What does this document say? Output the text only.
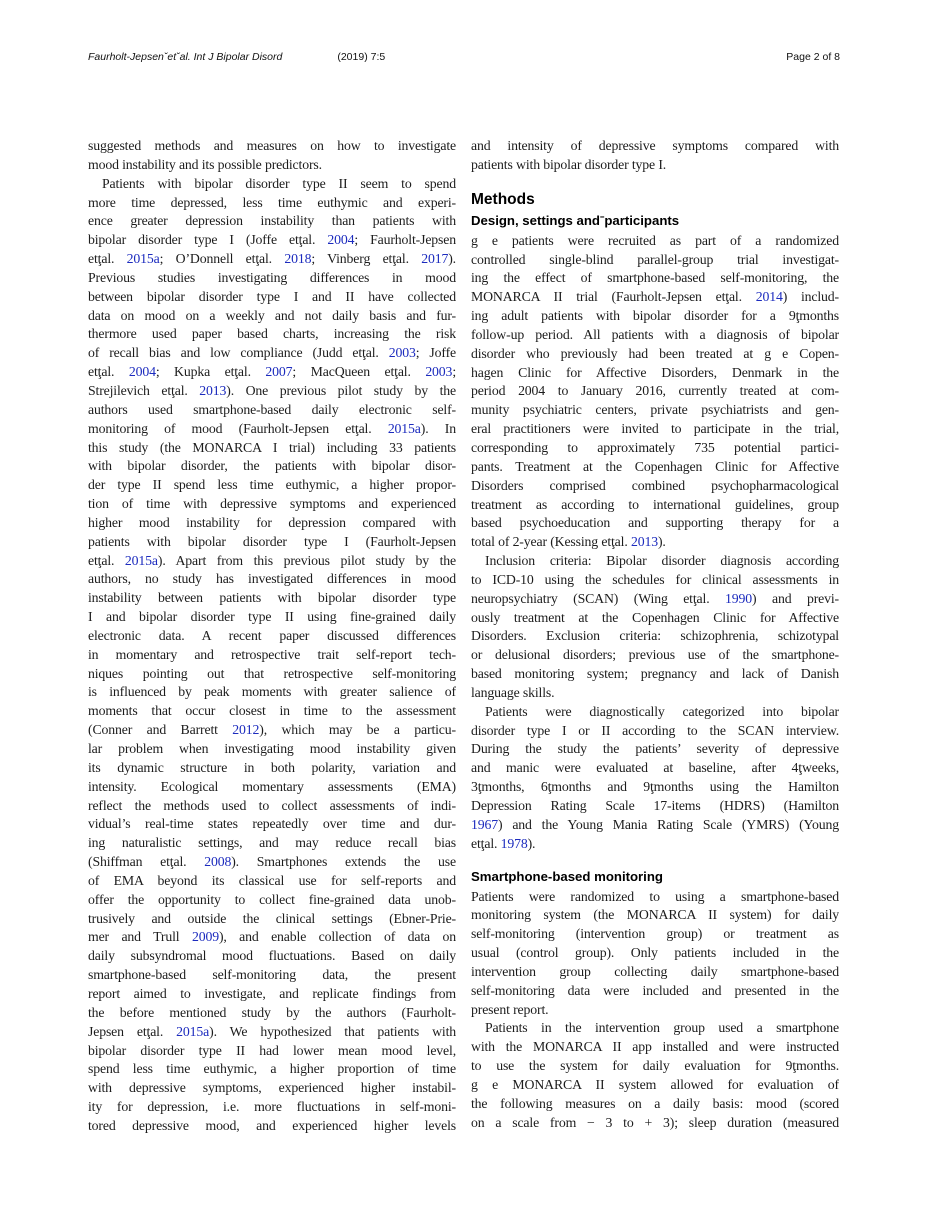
Faurholt-Jepsenˇetˇal. Int J Bipolar Disord	(2019) 7:5	Page 2 of 8
suggested methods and measures on how to investigate
mood instability and its possible predictors.
Patients with bipolar disorder type II seem to spend
more time depressed, less time euthymic and experi-
ence greater depression instability than patients with
bipolar disorder type I (Joffe etţal. 2004; Faurholt-Jepsen
etţal. 2015a; O’Donnell etţal. 2018; Vinberg etţal. 2017).
Previous studies investigating differences in mood
between bipolar disorder type I and II have collected
data on mood on a weekly and not daily basis and fur-
thermore used paper based charts, increasing the risk
of recall bias and low compliance (Judd etţal. 2003; Joffe
etţal. 2004; Kupka etţal. 2007; MacQueen etţal. 2003;
Strejilevich etţal. 2013). One previous pilot study by the
authors used smartphone-based daily electronic self-
monitoring of mood (Faurholt-Jepsen etţal. 2015a). In
this study (the MONARCA I trial) including 33 patients
with bipolar disorder, the patients with bipolar disor-
der type II spend less time euthymic, a higher propor-
tion of time with depressive symptoms and experienced
higher mood instability for depression compared with
patients with bipolar disorder type I (Faurholt-Jepsen
etţal. 2015a). Apart from this previous pilot study by the
authors, no study has investigated differences in mood
instability between patients with bipolar disorder type
I and bipolar disorder type II using fine-grained daily
electronic data. A recent paper discussed differences
in momentary and retrospective trait self-report tech-
niques pointing out that retrospective self-monitoring
is influenced by peak moments with greater salience of
moments that occur closest in time to the assessment
(Conner and Barrett 2012), which may be a particu-
lar problem when investigating mood instability given
its dynamic structure in both polarity, variation and
intensity. Ecological momentary assessments (EMA)
reflect the methods used to collect assessments of indi-
vidual’s real-time states repeatedly over time and dur-
ing naturalistic settings, and may reduce recall bias
(Shiffman etţal. 2008). Smartphones extends the use
of EMA beyond its classical use for self-reports and
offer the opportunity to collect fine-grained data unob-
trusively and outside the clinical settings (Ebner-Prie-
mer and Trull 2009), and enable collection of data on
daily subsyndromal mood fluctuations. Based on daily
smartphone-based self-monitoring data, the present
report aimed to investigate, and replicate findings from
the before mentioned study by the authors (Faurholt-
Jepsen etţal. 2015a). We hypothesized that patients with
bipolar disorder type II had lower mean mood level,
spend less time euthymic, a higher proportion of time
with depressive symptoms, experienced higher instabil-
ity for depression, i.e. more fluctuations in self-moni-
tored depressive mood, and experienced higher levels
and intensity of depressive symptoms compared with
patients with bipolar disorder type I.
Methods
Design, settings andˉparticipants
g e patients were recruited as part of a randomized
controlled single-blind parallel-group trial investigat-
ing the effect of smartphone-based self-monitoring, the
MONARCA II trial (Faurholt-Jepsen etţal. 2014) includ-
ing adult patients with bipolar disorder for a 9ţmonths
follow-up period. All patients with a diagnosis of bipolar
disorder who previously had been treated at g e Copen-
hagen Clinic for Affective Disorders, Denmark in the
period 2004 to January 2016, currently treated at com-
munity psychiatric centers, private psychiatrists and gen-
eral practitioners were invited to participate in the trial,
corresponding to approximately 735 potential partici-
pants. Treatment at the Copenhagen Clinic for Affective
Disorders comprised combined psychopharmacological
treatment as according to international guidelines, group
based psychoeducation and supporting therapy for a
total of 2-year (Kessing etţal. 2013).
Inclusion criteria: Bipolar disorder diagnosis according
to ICD-10 using the schedules for clinical assessments in
neuropsychiatry (SCAN) (Wing etţal. 1990) and previ-
ously treatment at the Copenhagen Clinic for Affective
Disorders. Exclusion criteria: schizophrenia, schizotypal
or delusional disorders; previous use of the smartphone-
based monitoring system; pregnancy and lack of Danish
language skills.
Patients were diagnostically categorized into bipolar
disorder type I or II according to the SCAN interview.
During the study the patients’ severity of depressive
and manic were evaluated at baseline, after 4ţweeks,
3ţmonths, 6ţmonths and 9ţmonths using the Hamilton
Depression Rating Scale 17-items (HDRS) (Hamilton
1967) and the Young Mania Rating Scale (YMRS) (Young
etţal. 1978).
Smartphone-based monitoring
Patients were randomized to using a smartphone-based
monitoring system (the MONARCA II system) for daily
self-monitoring (intervention group) or treatment as
usual (control group). Only patients included in the
intervention group collecting daily smartphone-based
self-monitoring data were included and presented in the
present report.
Patients in the intervention group used a smartphone
with the MONARCA II app installed and were instructed
to use the system for daily evaluation for 9ţmonths.
g e MONARCA II system allowed for evaluation of
the following measures on a daily basis: mood (scored
on a scale from − 3 to + 3); sleep duration (measured
